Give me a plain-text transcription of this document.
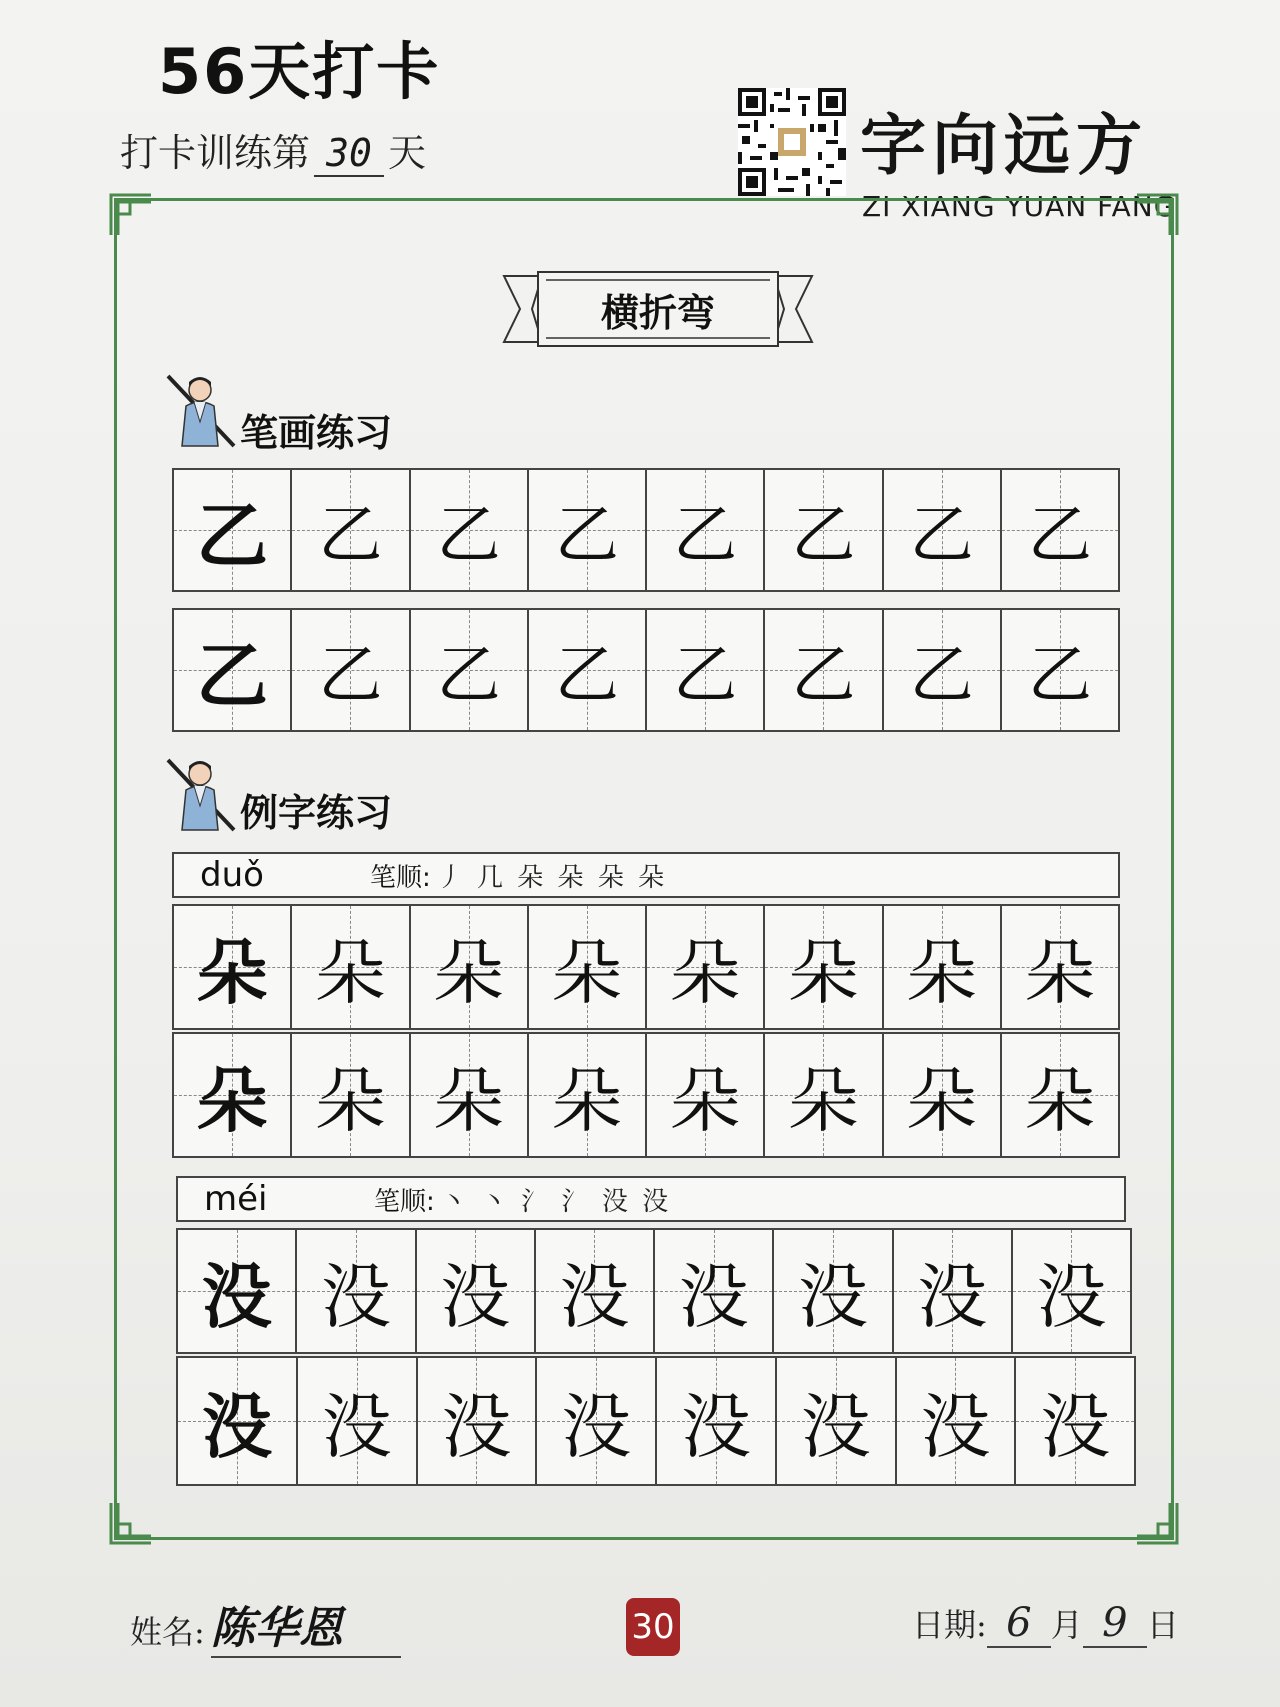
56天打卡
打卡训练第 30 天	字向远方
ZI XIANG YUAN FANG
横折弯
笔画练习
乙 乙 乙 乙 乙 乙 乙 乙
乙 乙 乙 乙 乙 乙 乙 乙
例字练习
duǒ	笔顺: 丿 几 朵 朵 朵 朵
朵 朵 朵 朵 朵 朵 朵 朵
朵 朵 朵 朵 朵 朵 朵 朵
méi	笔顺: 丶 丶 氵 氵 没 没
没 没 没 没 没 没 没 没
没 没 没 没 没 没 没 没
姓名: 陈华恩	30	日期: 6 月 9 日
